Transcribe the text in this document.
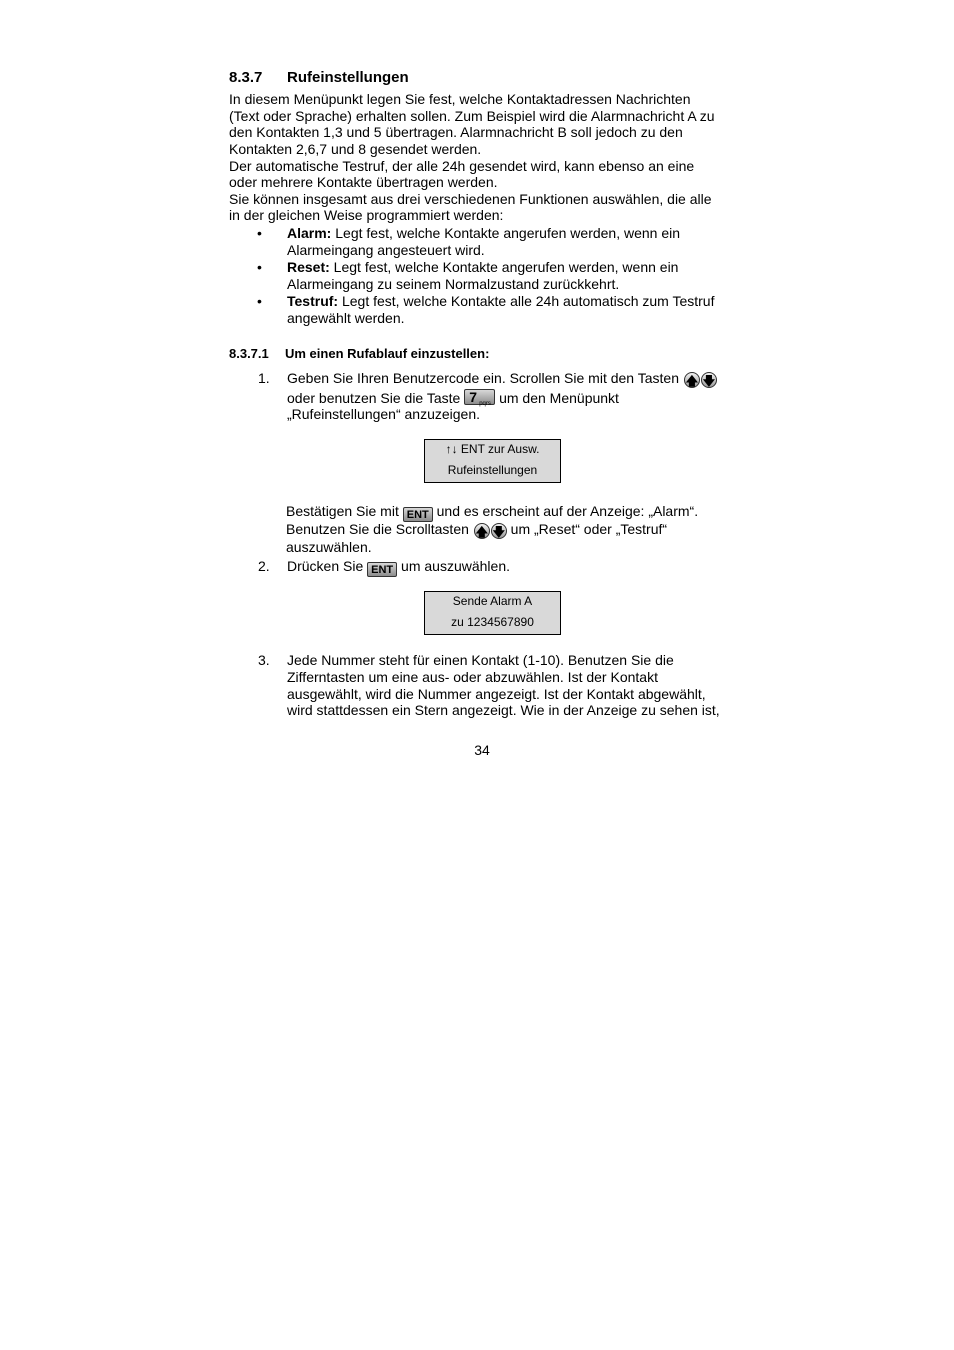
8.3.7 Rufeinstellungen
In diesem Menüpunkt legen Sie fest, welche Kontaktadressen Nachrichten
(Text oder Sprache) erhalten sollen. Zum Beispiel wird die Alarmnachricht A zu
den Kontakten 1,3 und 5 übertragen. Alarmnachricht B soll jedoch zu den
Kontakten 2,6,7 und 8 gesendet werden.
Der automatische Testruf, der alle 24h gesendet wird, kann ebenso an eine
oder mehrere Kontakte übertragen werden.
Sie können insgesamt aus drei verschiedenen Funktionen auswählen, die alle
in der gleichen Weise programmiert werden:
• Alarm: Legt fest, welche Kontakte angerufen werden, wenn ein
Alarmeingang angesteuert wird.
• Reset: Legt fest, welche Kontakte angerufen werden, wenn ein
Alarmeingang zu seinem Normalzustand zurückkehrt.
• Testruf: Legt fest, welche Kontakte alle 24h automatisch zum Testruf
angewählt werden.
8.3.7.1 Um einen Rufablauf einzustellen:
1. Geben Sie Ihren Benutzercode ein. Scrollen Sie mit den Tasten 🡅 🡇
oder benutzen Sie die Taste 7 pqrs um den Menüpunkt
„Rufeinstellungen“ anzuzeigen.
↑↓ ENT zur Ausw.
Rufeinstellungen
Bestätigen Sie mit ENT und es erscheint auf der Anzeige: „Alarm“.
Benutzen Sie die Scrolltasten 🡅 🡇 um „Reset“ oder „Testruf“
auszuwählen.
2. Drücken Sie ENT um auszuwählen.
Sende Alarm A
zu 1234567890
3. Jede Nummer steht für einen Kontakt (1-10). Benutzen Sie die
Zifferntasten um eine aus- oder abzuwählen. Ist der Kontakt
ausgewählt, wird die Nummer angezeigt. Ist der Kontakt abgewählt,
wird stattdessen ein Stern angezeigt. Wie in der Anzeige zu sehen ist,
34
